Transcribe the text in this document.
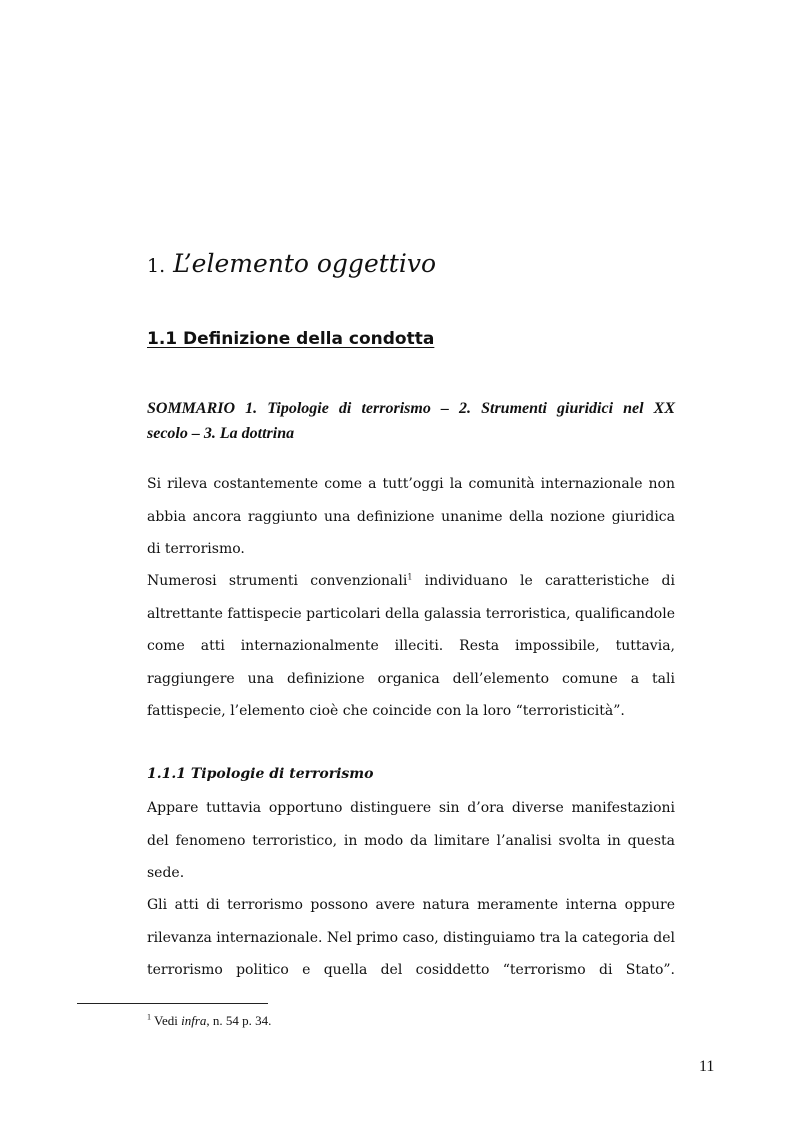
1. L’elemento oggettivo
1.1 Definizione della condotta
SOMMARIO 1. Tipologie di terrorismo – 2. Strumenti giuridici nel XX
secolo – 3. La dottrina
Si rileva costantemente come a tutt’oggi la comunità internazionale non
abbia ancora raggiunto una definizione unanime della nozione giuridica
di terrorismo.
Numerosi strumenti convenzionali$^1$ individuano le caratteristiche di
altrettante fattispecie particolari della galassia terroristica, qualificandole
come atti internazionalmente illeciti. Resta impossibile, tuttavia,
raggiungere una definizione organica dell’elemento comune a tali
fattispecie, l’elemento cioè che coincide con la loro “terroristicità”.
1.1.1 Tipologie di terrorismo
Appare tuttavia opportuno distinguere sin d’ora diverse manifestazioni
del fenomeno terroristico, in modo da limitare l’analisi svolta in questa
sede.
Gli atti di terrorismo possono avere natura meramente interna oppure
rilevanza internazionale. Nel primo caso, distinguiamo tra la categoria del
terrorismo politico e quella del cosiddetto “terrorismo di Stato”.

$^1$ Vedi infra, n. 54 p. 34.

11
